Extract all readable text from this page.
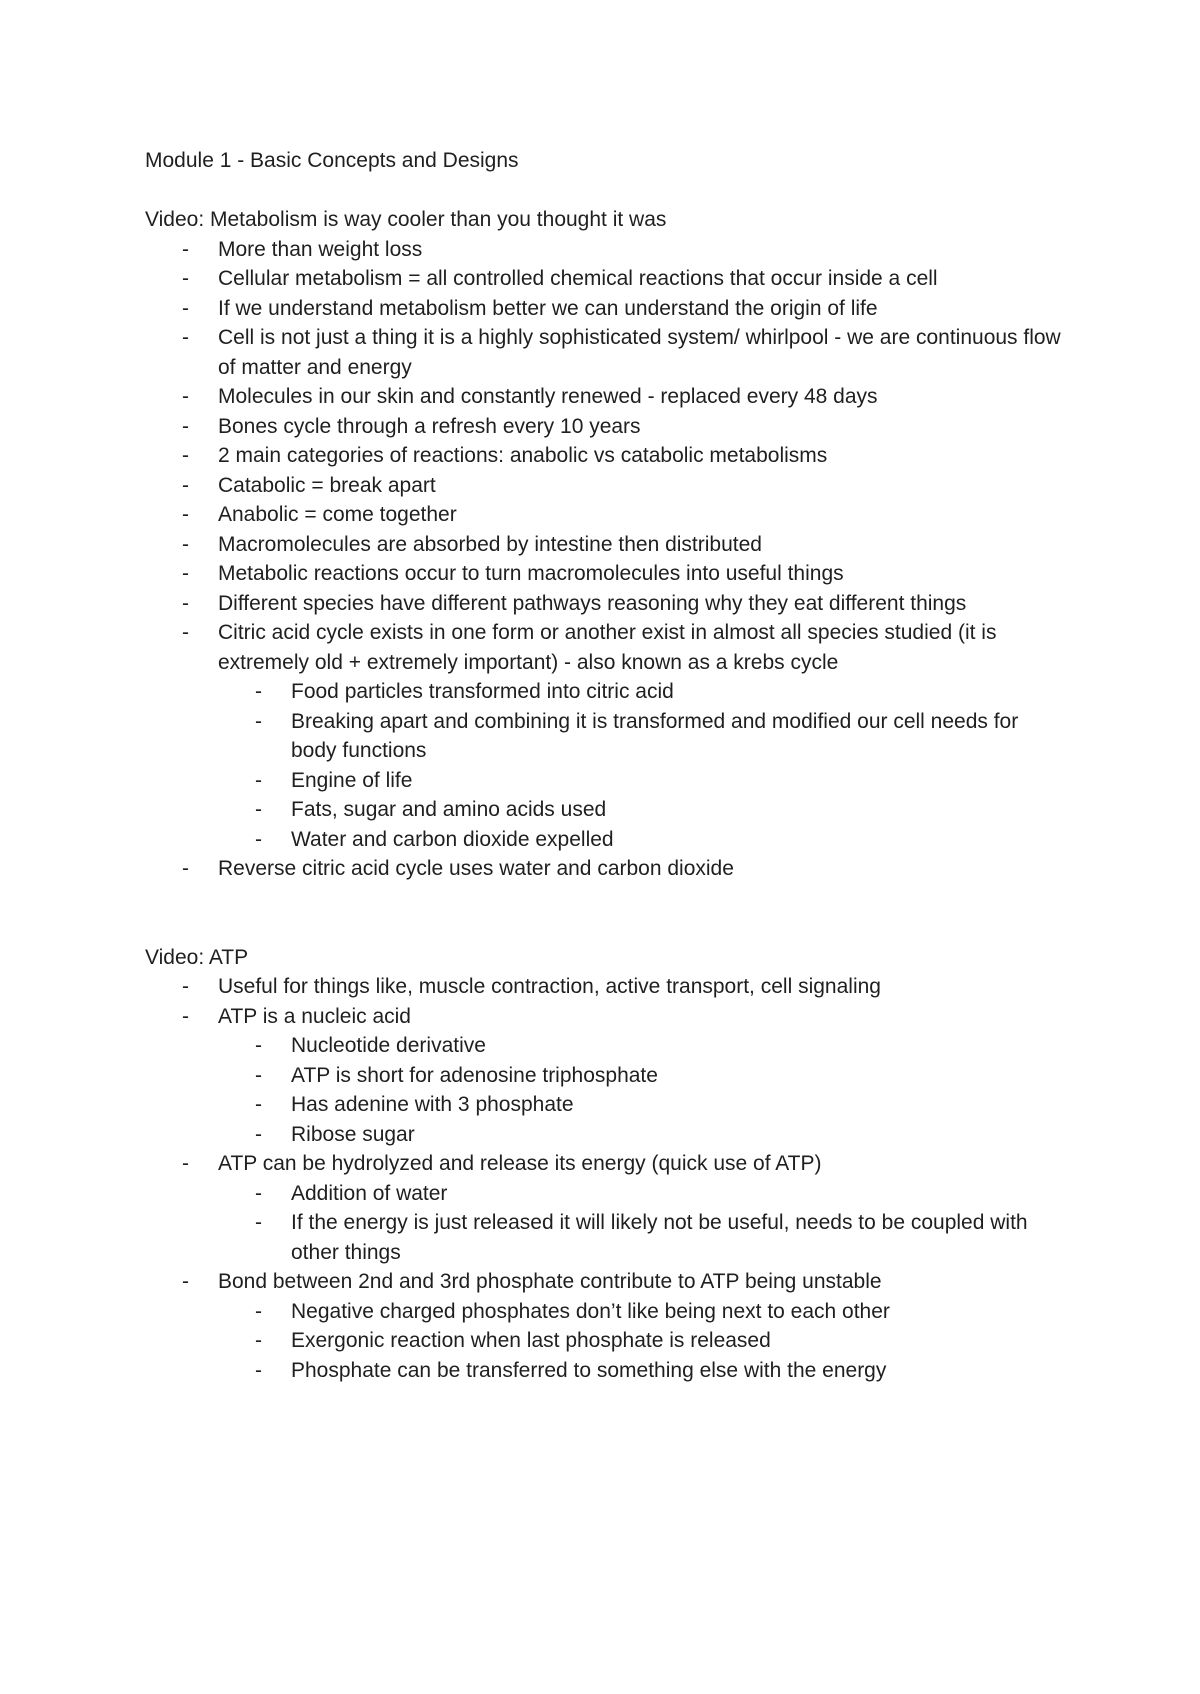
Module 1 - Basic Concepts and Designs
Video: Metabolism is way cooler than you thought it was
- More than weight loss
- Cellular metabolism = all controlled chemical reactions that occur inside a cell
- If we understand metabolism better we can understand the origin of life
- Cell is not just a thing it is a highly sophisticated system/ whirlpool - we are continuous flow of matter and energy
- Molecules in our skin and constantly renewed - replaced every 48 days
- Bones cycle through a refresh every 10 years
- 2 main categories of reactions: anabolic vs catabolic metabolisms
- Catabolic = break apart
- Anabolic = come together
- Macromolecules are absorbed by intestine then distributed
- Metabolic reactions occur to turn macromolecules into useful things
- Different species have different pathways reasoning why they eat different things
- Citric acid cycle exists in one form or another exist in almost all species studied (it is extremely old + extremely important) - also known as a krebs cycle
- Food particles transformed into citric acid
- Breaking apart and combining it is transformed and modified our cell needs for body functions
- Engine of life
- Fats, sugar and amino acids used
- Water and carbon dioxide expelled
- Reverse citric acid cycle uses water and carbon dioxide
Video: ATP
- Useful for things like, muscle contraction, active transport, cell signaling
- ATP is a nucleic acid
- Nucleotide derivative
- ATP is short for adenosine triphosphate
- Has adenine with 3 phosphate
- Ribose sugar
- ATP can be hydrolyzed and release its energy (quick use of ATP)
- Addition of water
- If the energy is just released it will likely not be useful, needs to be coupled with other things
- Bond between 2nd and 3rd phosphate contribute to ATP being unstable
- Negative charged phosphates don’t like being next to each other
- Exergonic reaction when last phosphate is released
- Phosphate can be transferred to something else with the energy
